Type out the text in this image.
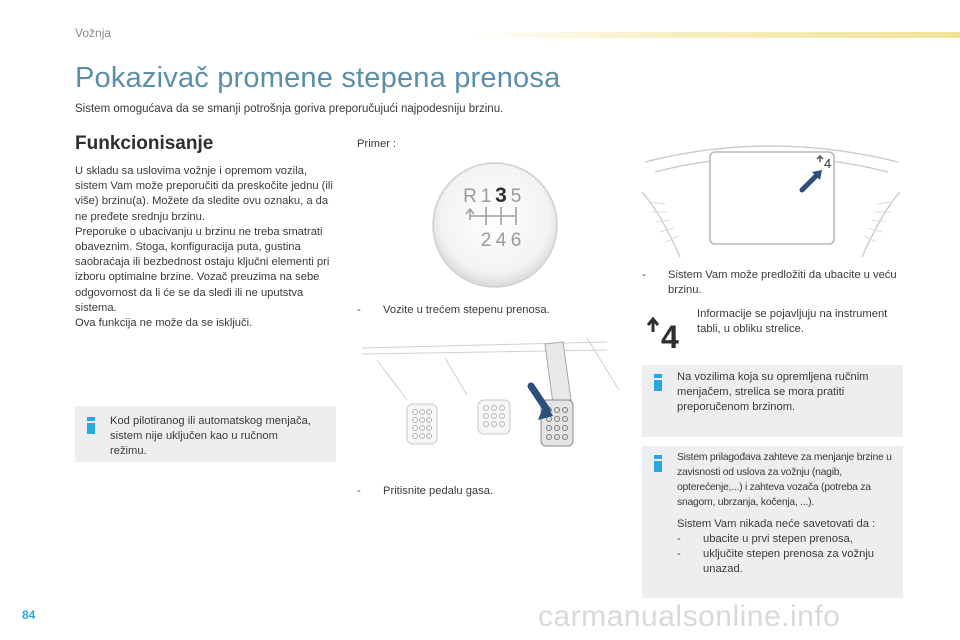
Vožnja
Pokazivač promene stepena prenosa
Sistem omogućava da se smanji potrošnja goriva preporučujući najpodesniju brzinu.
Funkcionisanje

U skladu sa uslovima vožnje i opremom vozila, sistem Vam može preporučiti da preskočite jednu (ili više) brzinu(a). Možete da sledite ovu oznaku, a da ne pređete srednju brzinu.

Preporuke o ubacivanju u brzinu ne treba smatrati obaveznim. Stoga, konfiguracija puta, gustina saobraćaja ili bezbednost ostaju ključni elementi pri izboru optimalne brzine. Vozač preuzima na sebe odgovornost da li će se da sledi ili ne uputstva sistema.

Ova funkcija ne može da se isključi.

Kod pilotiranog ili automatskog menjača, sistem nije uključen kao u ručnom režimu.
Primer :
R 1 3 5
2 4 6
- Vozite u trećem stepenu prenosa.
- Pritisnite pedalu gasa.
4
- Sistem Vam može predložiti da ubacite u veću brzinu.
4
Informacije se pojavljuju na instrument tabli, u obliku strelice.
Na vozilima koja su opremljena ručnim menjačem, strelica se mora pratiti preporučenom brzinom.
Sistem prilagođava zahteve za menjanje brzine u zavisnosti od uslova za vožnju (nagib, opterećenje,...) i zahteva vozača (potreba za snagom, ubrzanja, kočenja, ...).
Sistem Vam nikada neće savetovati da :
- ubacite u prvi stepen prenosa,
- uključite stepen prenosa za vožnju unazad.
84	carmanualsonline.info
